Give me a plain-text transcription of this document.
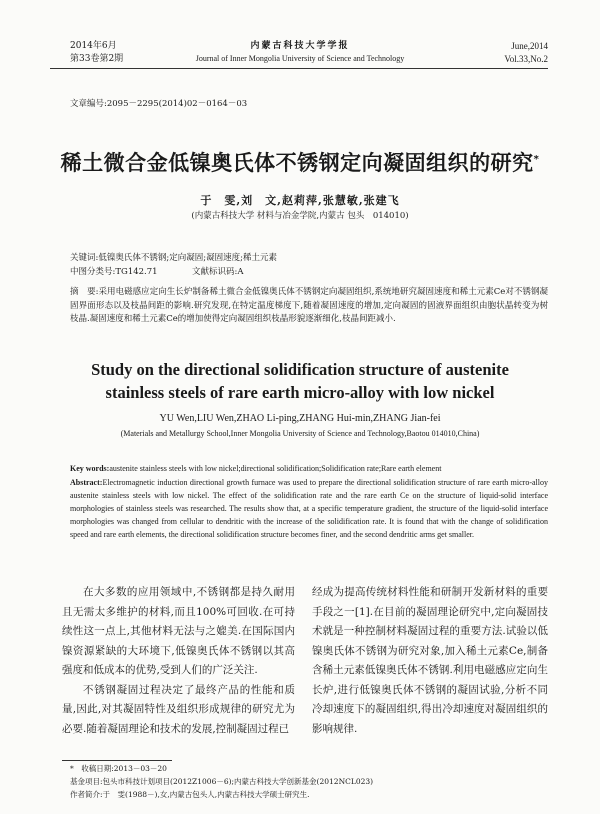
2014年6月
第33卷第2期
内蒙古科技大学学报
Journal of Inner Mongolia University of Science and Technology
June,2014
Vol.33,No.2
文章编号:2095－2295(2014)02－0164－03
稀土微合金低镍奥氏体不锈钢定向凝固组织的研究*
于　雯,刘　文,赵莉萍,张慧敏,张建飞
(内蒙古科技大学 材料与冶金学院,内蒙古 包头　014010)
关键词:低镍奥氏体不锈钢;定向凝固;凝固速度;稀土元素
中图分类号:TG142.71	文献标识码:A
摘　要:采用电磁感应定向生长炉制备稀土微合金低镍奥氏体不锈钢定向凝固组织,系统地研究凝固速度和稀土元素Ce对不锈钢凝固界面形态以及枝晶间距的影响.研究发现,在特定温度梯度下,随着凝固速度的增加,定向凝固的固液界面组织由胞状晶转变为树枝晶.凝固速度和稀土元素Ce的增加使得定向凝固组织枝晶形貌逐渐细化,枝晶间距减小.
Study on the directional solidification structure of austenite
stainless steels of rare earth micro-alloy with low nickel
YU Wen,LIU Wen,ZHAO Li-ping,ZHANG Hui-min,ZHANG Jian-fei
(Materials and Metallurgy School,Inner Mongolia University of Science and Technology,Baotou 014010,China)
Key words:austenite stainless steels with low nickel;directional solidification;Solidification rate;Rare earth element
Abstract:Electromagnetic induction directional growth furnace was used to prepare the directional solidification structure of rare earth micro-alloy austenite stainless steels with low nickel. The effect of the solidification rate and the rare earth Ce on the structure of liquid-solid interface morphologies of stainless steels was researched. The results show that, at a specific temperature gradient, the structure of the liquid-solid interface morphologies was changed from cellular to dendritic with the increase of the solidification rate. It is found that with the change of solidification speed and rare earth elements, the directional solidification structure becomes finer, and the second dendritic arms get smaller.

在大多数的应用领域中,不锈钢都是持久耐用且无需太多维护的材料,而且100%可回收.在可持续性这一点上,其他材料无法与之媲美.在国际国内镍资源紧缺的大环境下,低镍奥氏体不锈钢以其高强度和低成本的优势,受到人们的广泛关注.

不锈钢凝固过程决定了最终产品的性能和质量,因此,对其凝固特性及组织形成规律的研究尤为必要.随着凝固理论和技术的发展,控制凝固过程已

经成为提高传统材料性能和研制开发新材料的重要手段之一[1].在目前的凝固理论研究中,定向凝固技术就是一种控制材料凝固过程的重要方法.试验以低镍奥氏体不锈钢为研究对象,加入稀土元素Ce,制备含稀土元素低镍奥氏体不锈钢.利用电磁感应定向生长炉,进行低镍奥氏体不锈钢的凝固试验,分析不同冷却速度下的凝固组织,得出冷却速度对凝固组织的影响规律.

*　收稿日期:2013－03－20
基金项目:包头市科技计划项目(2012Z1006－6);内蒙古科技大学创新基金(2012NCL023)
作者简介:于　雯(1988－),女,内蒙古包头人,内蒙古科技大学硕士研究生.
